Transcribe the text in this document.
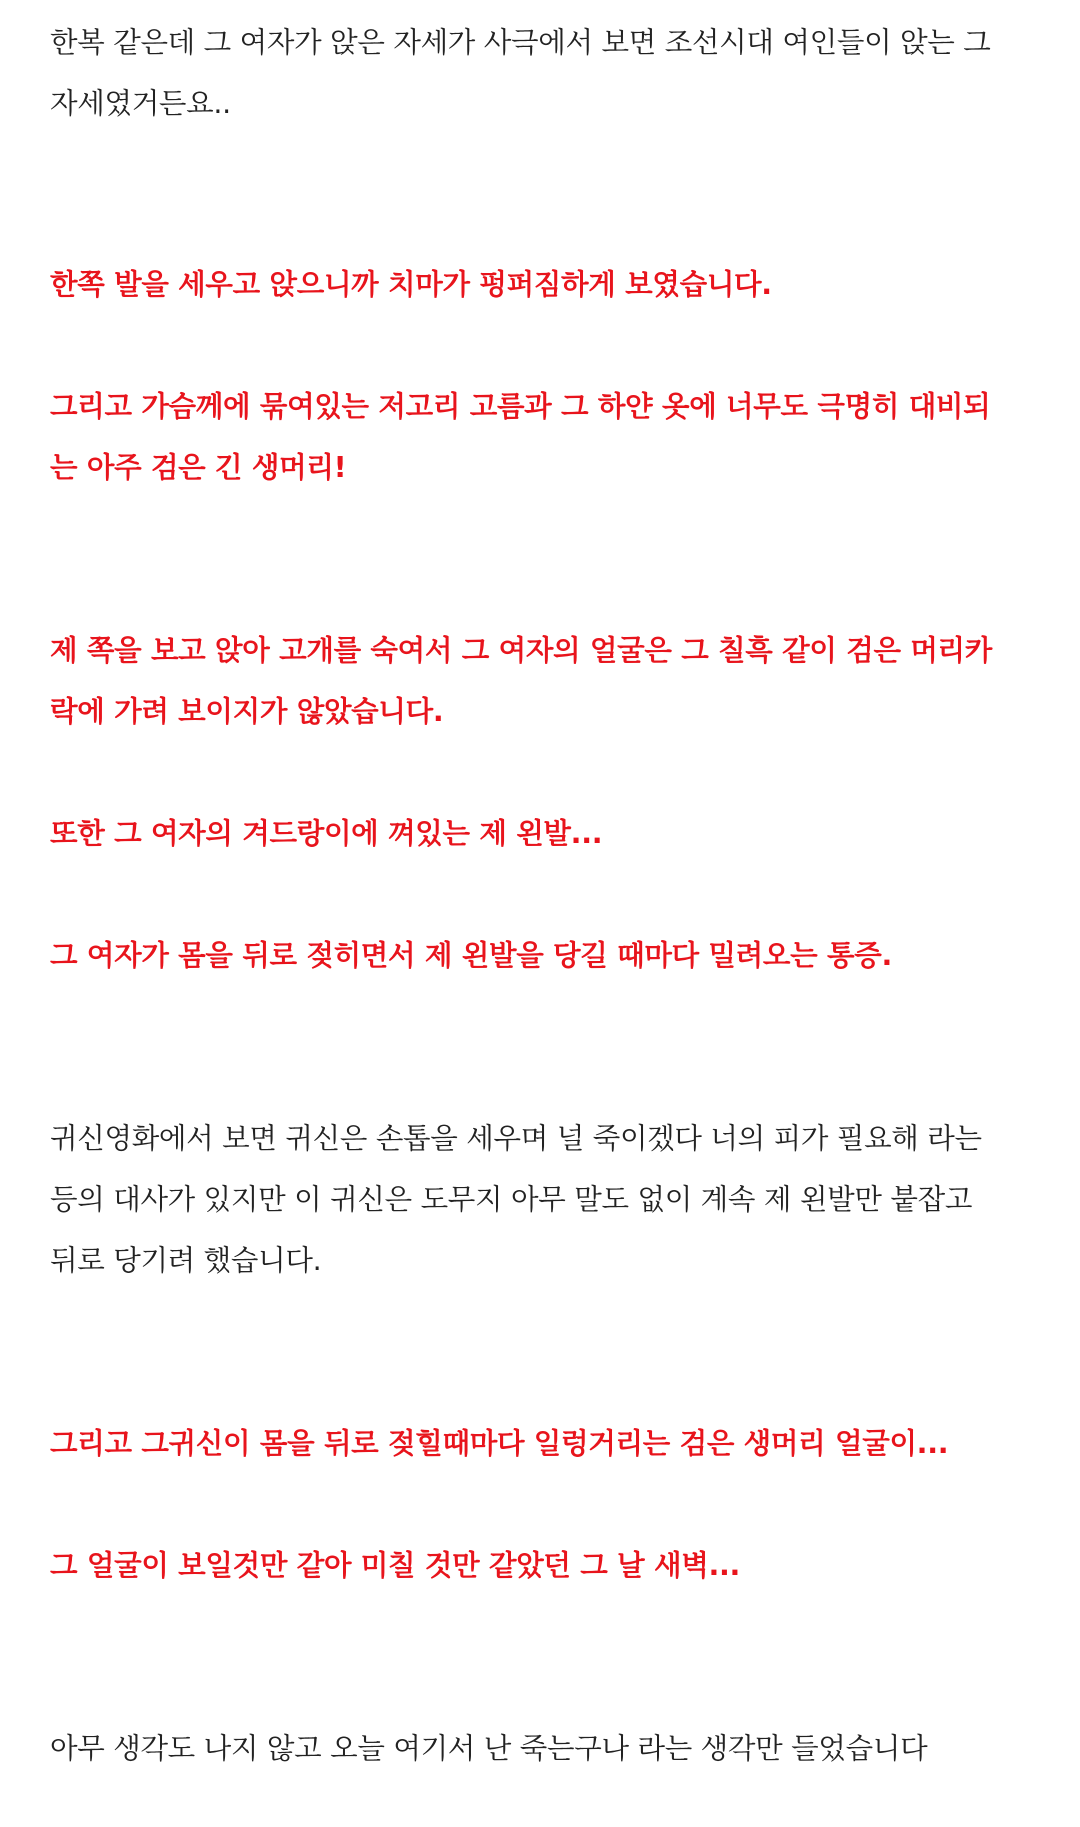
한복 같은데 그 여자가 앉은 자세가 사극에서 보면 조선시대 여인들이 앉는 그
자세였거든요..
한쪽 발을 세우고 앉으니까 치마가 펑퍼짐하게 보였습니다.
그리고 가슴께에 묶여있는 저고리 고름과 그 하얀 옷에 너무도 극명히 대비되
는 아주 검은 긴 생머리!
제 쪽을 보고 앉아 고개를 숙여서 그 여자의 얼굴은 그 칠흑 같이 검은 머리카
락에 가려 보이지가 않았습니다.
또한 그 여자의 겨드랑이에 껴있는 제 왼발...
그 여자가 몸을 뒤로 젖히면서 제 왼발을 당길 때마다 밀려오는 통증.
귀신영화에서 보면 귀신은 손톱을 세우며 널 죽이겠다 너의 피가 필요해 라는
등의 대사가 있지만 이 귀신은 도무지 아무 말도 없이 계속 제 왼발만 붙잡고
뒤로 당기려 했습니다.
그리고 그귀신이 몸을 뒤로 젖힐때마다 일렁거리는 검은 생머리 얼굴이...
그 얼굴이 보일것만 같아 미칠 것만 같았던 그 날 새벽...
아무 생각도 나지 않고 오늘 여기서 난 죽는구나 라는 생각만 들었습니다
